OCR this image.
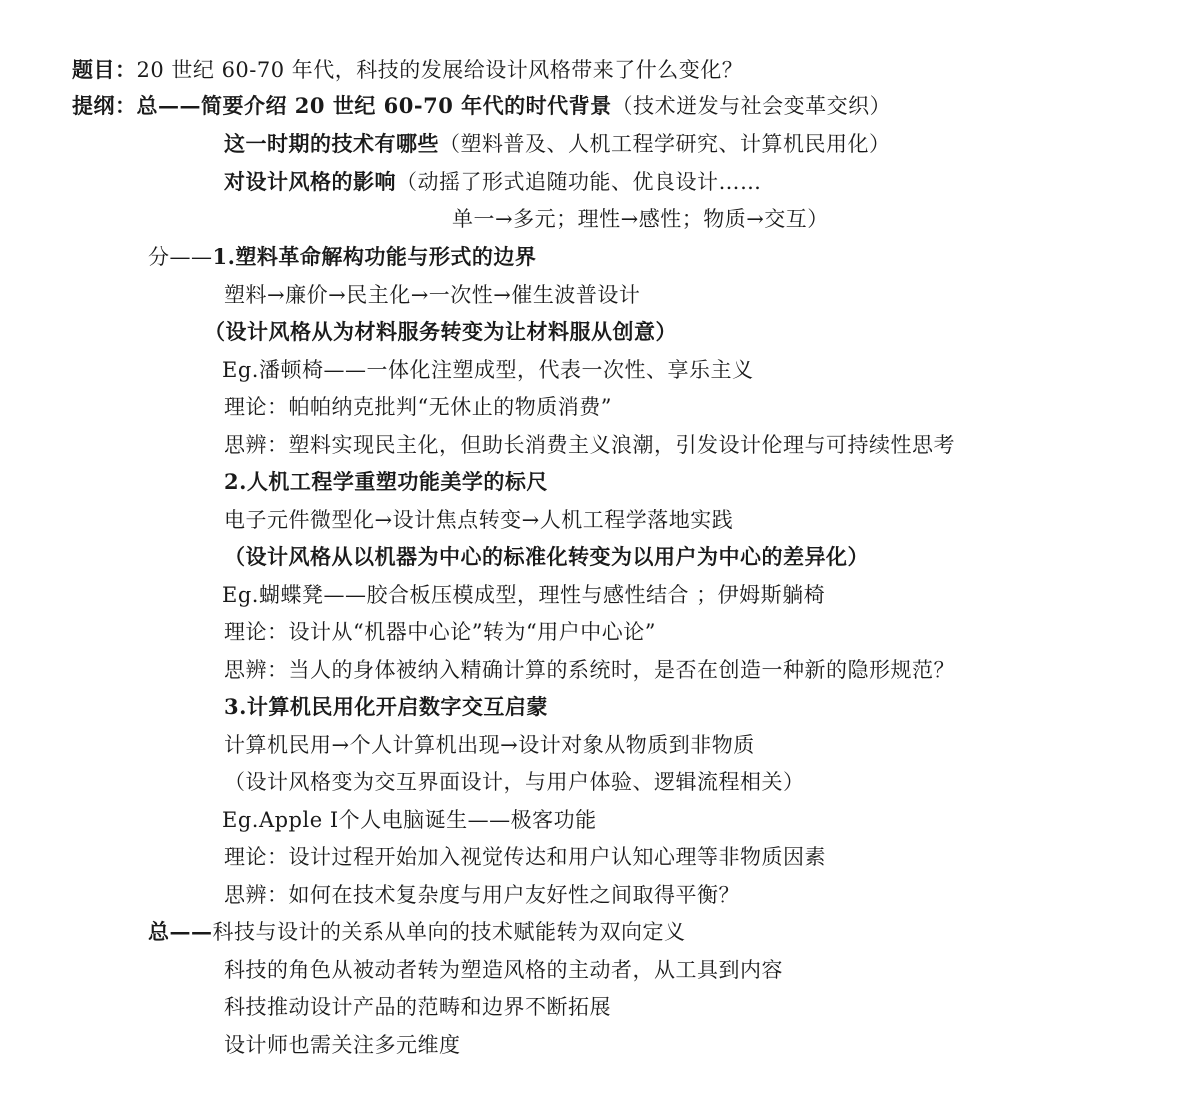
题目：20 世纪 60-70 年代，科技的发展给设计风格带来了什么变化？
提纲：总——简要介绍 20 世纪 60-70 年代的时代背景（技术迸发与社会变革交织）
这一时期的技术有哪些（塑料普及、人机工程学研究、计算机民用化）
对设计风格的影响（动摇了形式追随功能、优良设计……
单一→多元；理性→感性；物质→交互）
分——1.塑料革命解构功能与形式的边界
塑料→廉价→民主化→一次性→催生波普设计
（设计风格从为材料服务转变为让材料服从创意）
Eg.潘顿椅——一体化注塑成型，代表一次性、享乐主义
理论：帕帕纳克批判“无休止的物质消费”
思辨：塑料实现民主化，但助长消费主义浪潮，引发设计伦理与可持续性思考
2.人机工程学重塑功能美学的标尺
电子元件微型化→设计焦点转变→人机工程学落地实践
（设计风格从以机器为中心的标准化转变为以用户为中心的差异化）
Eg.蝴蝶凳——胶合板压模成型，理性与感性结合 ；伊姆斯躺椅
理论：设计从“机器中心论”转为“用户中心论”
思辨：当人的身体被纳入精确计算的系统时，是否在创造一种新的隐形规范？
3.计算机民用化开启数字交互启蒙
计算机民用→个人计算机出现→设计对象从物质到非物质
（设计风格变为交互界面设计，与用户体验、逻辑流程相关）
Eg.Apple Ⅰ个人电脑诞生——极客功能
理论：设计过程开始加入视觉传达和用户认知心理等非物质因素
思辨：如何在技术复杂度与用户友好性之间取得平衡？
总——科技与设计的关系从单向的技术赋能转为双向定义
科技的角色从被动者转为塑造风格的主动者，从工具到内容
科技推动设计产品的范畴和边界不断拓展
设计师也需关注多元维度
